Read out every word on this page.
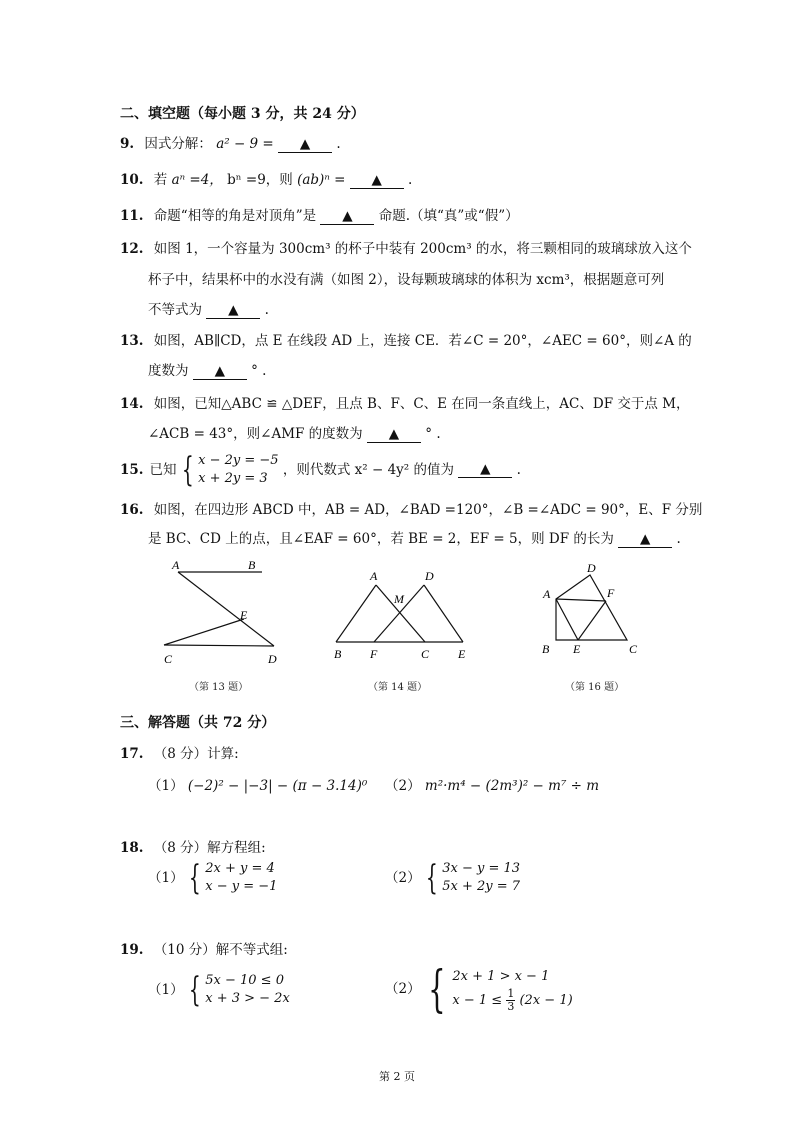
二、填空题（每小题 3 分，共 24 分）
9. 因式分解： a² − 9 = ▲ .
10. 若 aⁿ =4， bⁿ =9，则 (ab)ⁿ = ▲ .
11. 命题“相等的角是对顶角”是 ▲ 命题.（填“真”或“假”）
12. 如图 1，一个容量为 300cm³ 的杯子中装有 200cm³ 的水，将三颗相同的玻璃球放入这个
杯子中，结果杯中的水没有满（如图 2），设每颗玻璃球的体积为 xcm³，根据题意可列
不等式为 ▲ .
13. 如图，AB∥CD，点 E 在线段 AD 上，连接 CE．若∠C = 20°，∠AEC = 60°，则∠A 的
度数为 ▲ ° .
14. 如图，已知△ABC ≌ △DEF，且点 B、F、C、E 在同一条直线上，AC、DF 交于点 M，
∠ACB = 43°，则∠AMF 的度数为 ▲ ° .
15. 已知 { x − 2y = −5
x + 2y = 3
，则代数式 x² − 4y² 的值为 ▲ .
16. 如图，在四边形 ABCD 中，AB = AD，∠BAD =120°，∠B =∠ADC = 90°，E、F 分别
是 BC、CD 上的点，且∠EAF = 60°，若 BE = 2，EF = 5，则 DF 的长为 ▲ .
A	B
E
C	D
（第 13 题）
A	D
M
B F	C E
（第 14 题）
D
A	F
B E	C
（第 16 题）
三、解答题（共 72 分）
17. （8 分）计算:
（1） (−2)² − |−3| − (π − 3.14)⁰ （2） m²·m⁴ − (2m³)² − m⁷ ÷ m
18. （8 分）解方程组:
（1） { 2x + y = 4
x − y = −1
（2） { 3x − y = 13
5x + 2y = 7
19. （10 分）解不等式组:
（1） { 5x − 10 ≤ 0
x + 3 > − 2x
（2） { 2x + 1 > x − 1
$x - 1 \le \frac{1}{3} (2x - 1)$
第 2 页
